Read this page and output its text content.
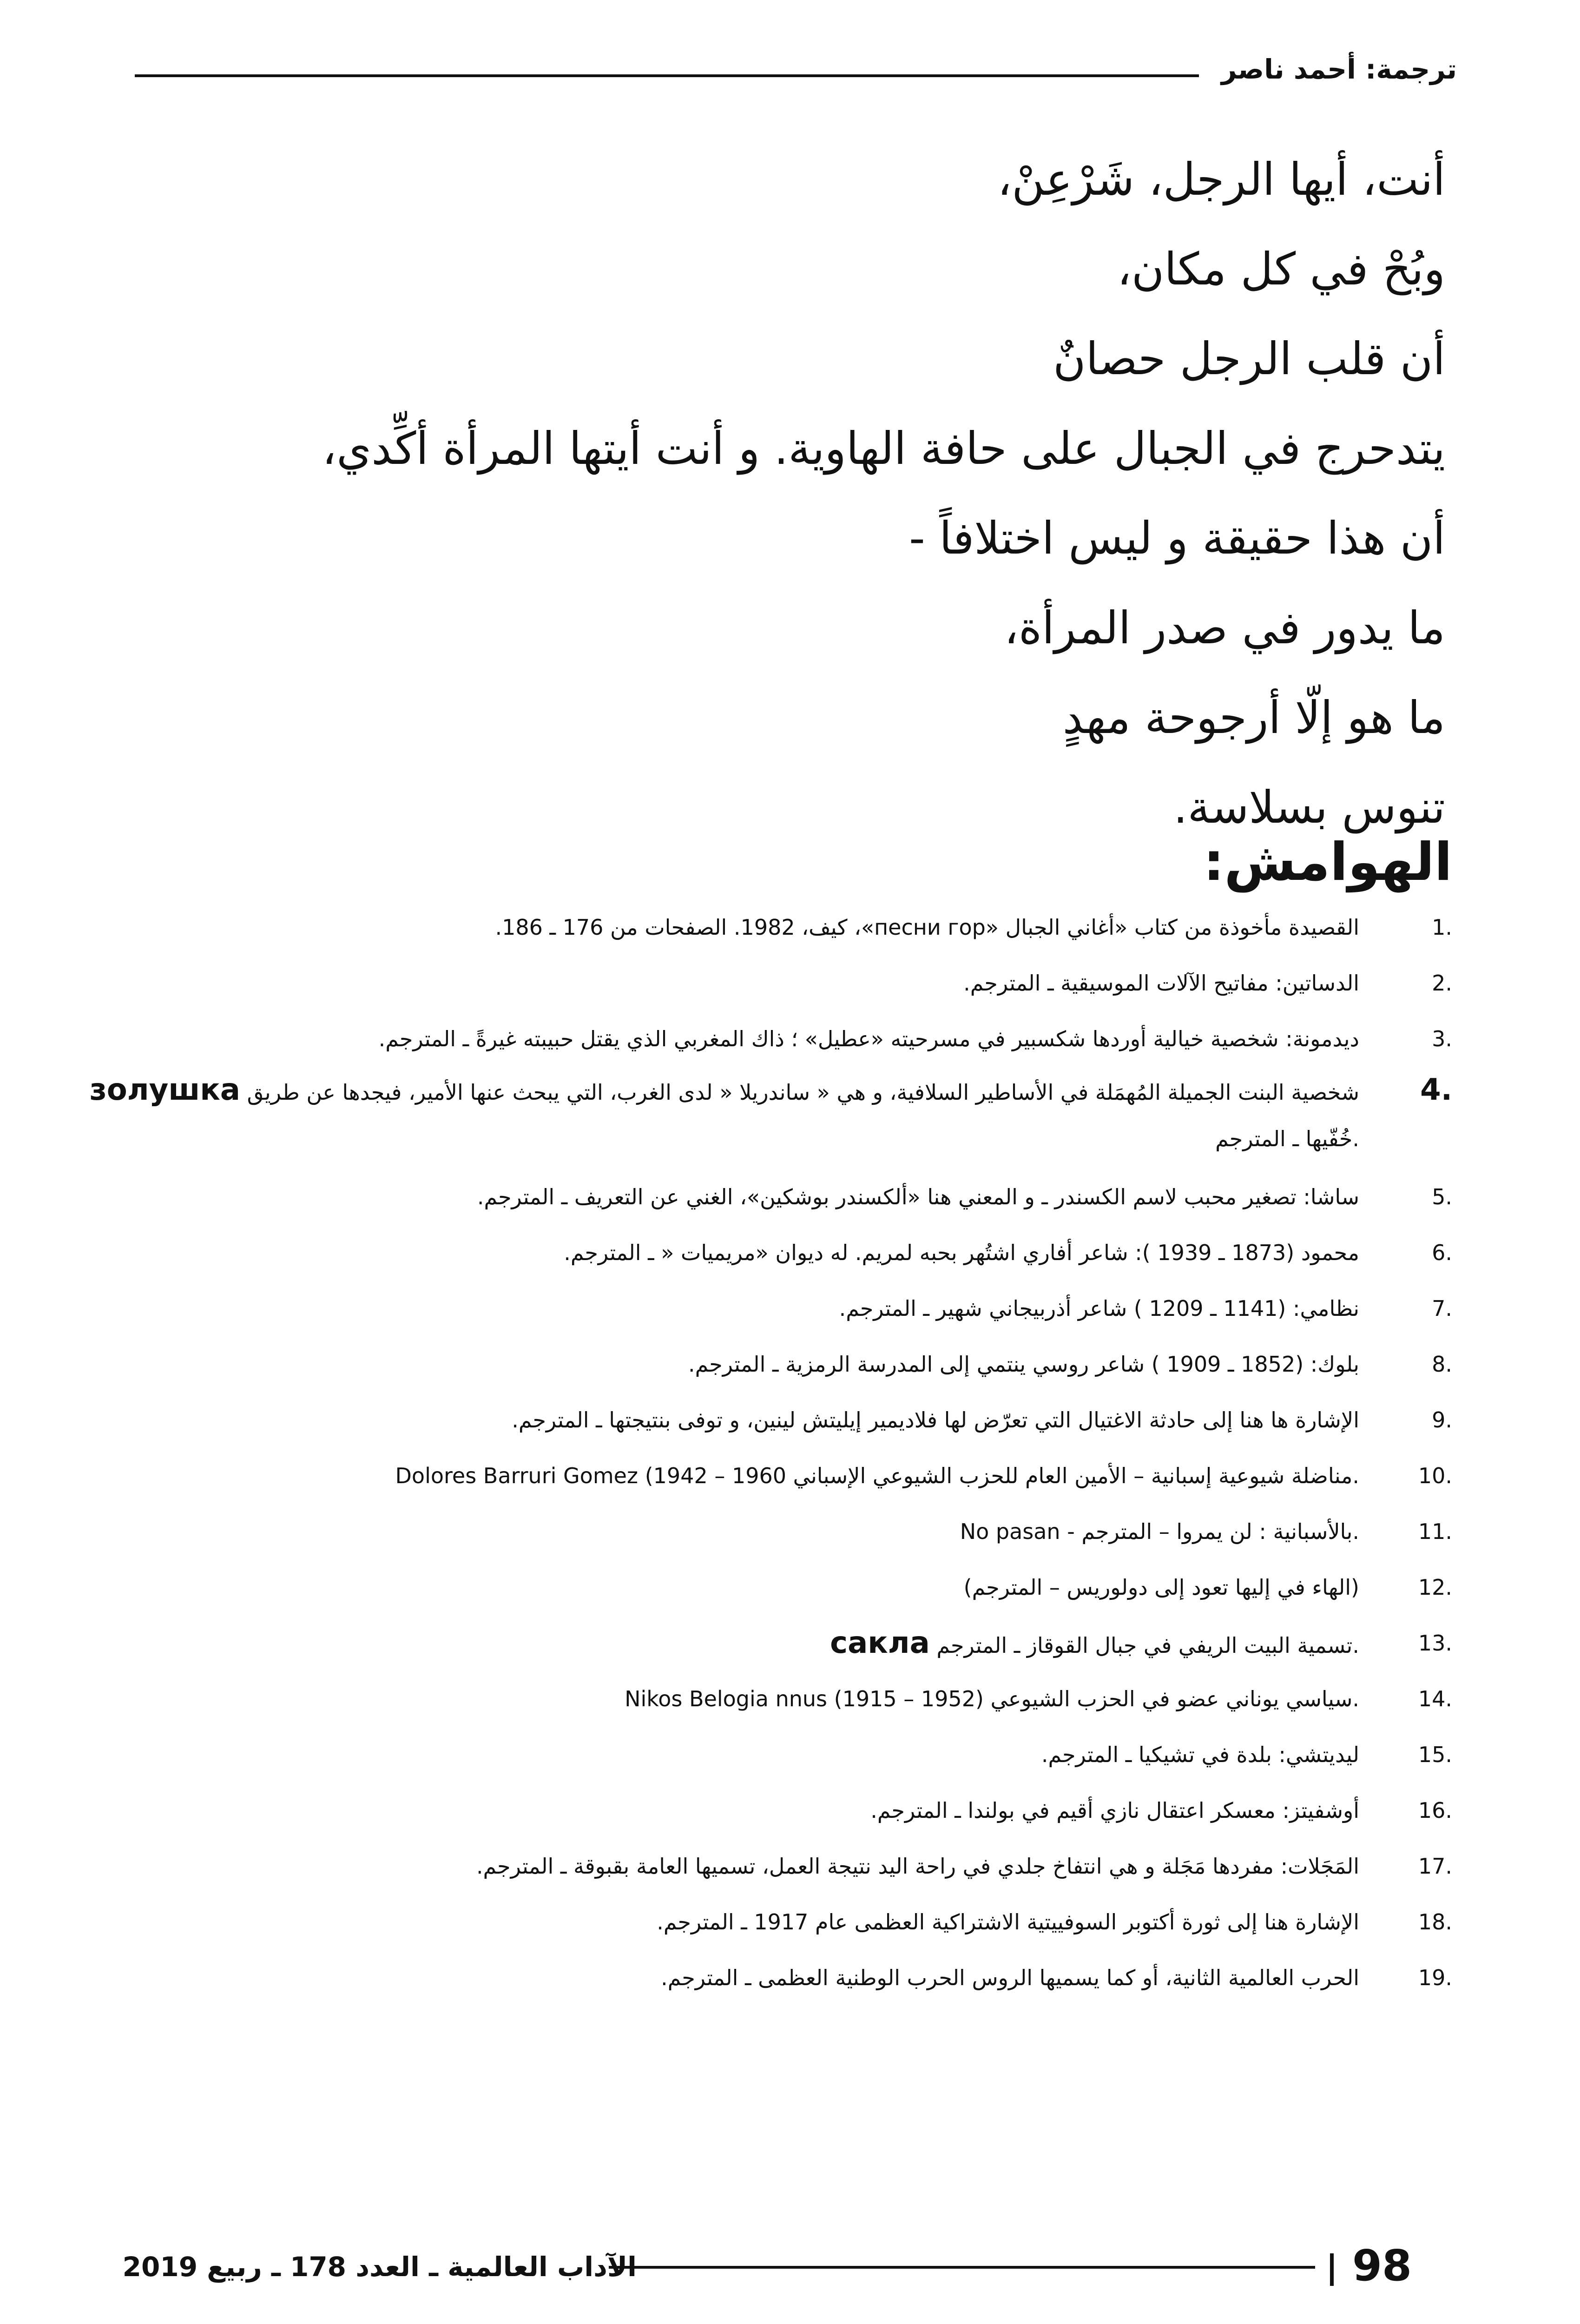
ترجمة: أحمد ناصر
أنت، أيها الرجل، شَرْعِنْ،
وبُحْ في كل مكان،
أن قلب الرجل حصانٌ
يتدحرج في الجبال على حافة الهاوية. و أنت أيتها المرأة أكِّدي،
أن هذا حقيقة و ليس اختلافاً -
ما يدور في صدر المرأة،
ما هو إلّا أرجوحة مهدٍ
تنوس بسلاسة.
الهوامش:
1.
القصيدة مأخوذة من كتاب «أغاني الجبال «песни гор»، كيف، 1982. الصفحات من 176 ـ 186.
2.
الدساتين: مفاتيح الآلات الموسيقية ـ المترجم.
3.
ديدمونة: شخصية خيالية أوردها شكسبير في مسرحيته «عطيل» ؛ ذاك المغربي الذي يقتل حبيبته غيرةً ـ المترجم.
4.
золушка شخصية البنت الجميلة المُهمَلة في الأساطير السلافية، و هي « ساندريلا « لدى الغرب، التي يبحث عنها الأمير، فيجدها عن طريق خُفّيها ـ المترجم.
5.
ساشا: تصغير محبب لاسم الكسندر ـ و المعني هنا «ألكسندر بوشكين»، الغني عن التعريف ـ المترجم.
6.
محمود (1873 ـ 1939 ): شاعر أفاري اشتُهر بحبه لمريم. له ديوان «مريميات « ـ المترجم.
7.
نظامي: (1141 ـ 1209 ) شاعر أذربيجاني شهير ـ المترجم.
8.
بلوك: (1852 ـ 1909 ) شاعر روسي ينتمي إلى المدرسة الرمزية ـ المترجم.
9.
الإشارة ها هنا إلى حادثة الاغتيال التي تعرّض لها فلاديمير إيليتش لينين، و توفى بنتيجتها ـ المترجم.
10.
Dolores Barruri Gomez (1942 – 1960 مناضلة شيوعية إسبانية – الأمين العام للحزب الشيوعي الإسباني.
11.
No pasan - بالأسبانية : لن يمروا – المترجم.
12.
(الهاء في إليها تعود إلى دولوريس – المترجم)
13.
сакла تسمية البيت الريفي في جبال القوقاز ـ المترجم.
14.
Nikos Belogia nnus (1915 – 1952) سياسي يوناني عضو في الحزب الشيوعي.
15.
ليديتشي: بلدة في تشيكيا ـ المترجم.
16.
أوشفيتز: معسكر اعتقال نازي أقيم في بولندا ـ المترجم.
17.
المَجَلات: مفردها مَجَلة و هي انتفاخ جلدي في راحة اليد نتيجة العمل، تسميها العامة بقبوقة ـ المترجم.
18.
الإشارة هنا إلى ثورة أكتوبر السوفييتية الاشتراكية العظمى عام 1917 ـ المترجم.
19.
الحرب العالمية الثانية، أو كما يسميها الروس الحرب الوطنية العظمى ـ المترجم.
98
الآداب العالمية ـ العدد 178 ـ ربيع 2019
